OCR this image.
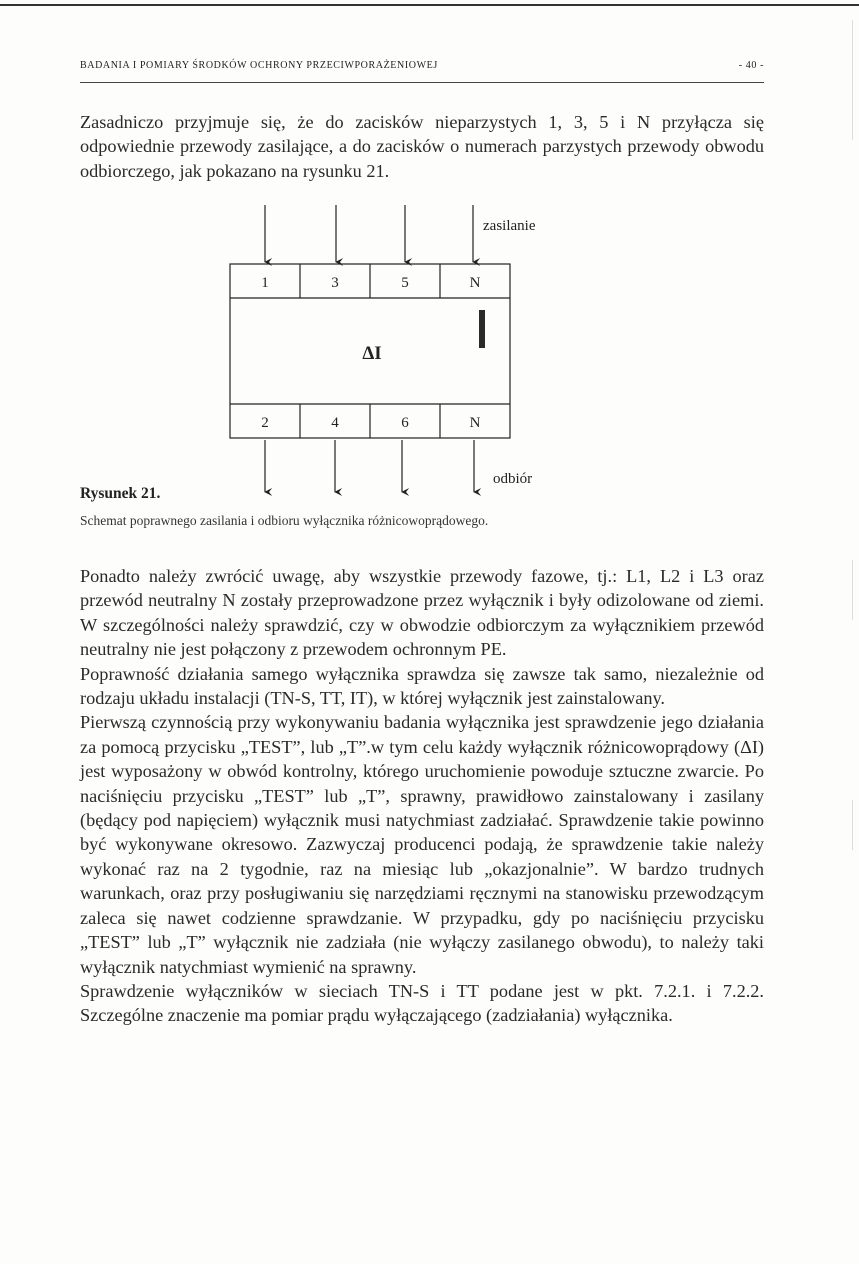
BADANIA I POMIARY ŚRODKÓW OCHRONY PRZECIWPORAŻENIOWEJ	- 40 -

Zasadniczo przyjmuje się, że do zacisków nieparzystych 1, 3, 5 i N przyłącza się odpowiednie przewody zasilające, a do zacisków o numerach parzystych przewody obwodu odbiorczego, jak pokazano na rysunku 21.

1	3	5	N
2	4	6	N
ΔI
zasilanie
odbiór
Rysunek 21.
Schemat poprawnego zasilania i odbioru wyłącznika różnicowoprądowego.
Ponadto należy zwrócić uwagę, aby wszystkie przewody fazowe, tj.: L1, L2 i L3 oraz przewód neutralny N zostały przeprowadzone przez wyłącznik i były odizolowane od ziemi. W szczególności należy sprawdzić, czy w obwodzie odbiorczym za wyłącznikiem przewód neutralny nie jest połączony z przewodem ochronnym PE.
Poprawność działania samego wyłącznika sprawdza się zawsze tak samo, niezależnie od rodzaju układu instalacji (TN-S, TT, IT), w której wyłącznik jest zainstalowany.
Pierwszą czynnością przy wykonywaniu badania wyłącznika jest sprawdzenie jego działania za pomocą przycisku „TEST”, lub „T”.w tym celu każdy wyłącznik różnicowoprądowy (ΔI) jest wyposażony w obwód kontrolny, którego uruchomienie powoduje sztuczne zwarcie. Po naciśnięciu przycisku „TEST” lub „T”, sprawny, prawidłowo zainstalowany i zasilany (będący pod napięciem) wyłącznik musi natychmiast zadziałać. Sprawdzenie takie powinno być wykonywane okresowo. Zazwyczaj producenci podają, że sprawdzenie takie należy wykonać raz na 2 tygodnie, raz na miesiąc lub „okazjonalnie”. W bardzo trudnych warunkach, oraz przy posługiwaniu się narzędziami ręcznymi na stanowisku przewodzącym zaleca się nawet codzienne sprawdzanie. W przypadku, gdy po naciśnięciu przycisku „TEST” lub „T” wyłącznik nie zadziała (nie wyłączy zasilanego obwodu), to należy taki wyłącznik natychmiast wymienić na sprawny.
Sprawdzenie wyłączników w sieciach TN-S i TT podane jest w pkt. 7.2.1. i 7.2.2. Szczególne znaczenie ma pomiar prądu wyłączającego (zadziałania) wyłącznika.
